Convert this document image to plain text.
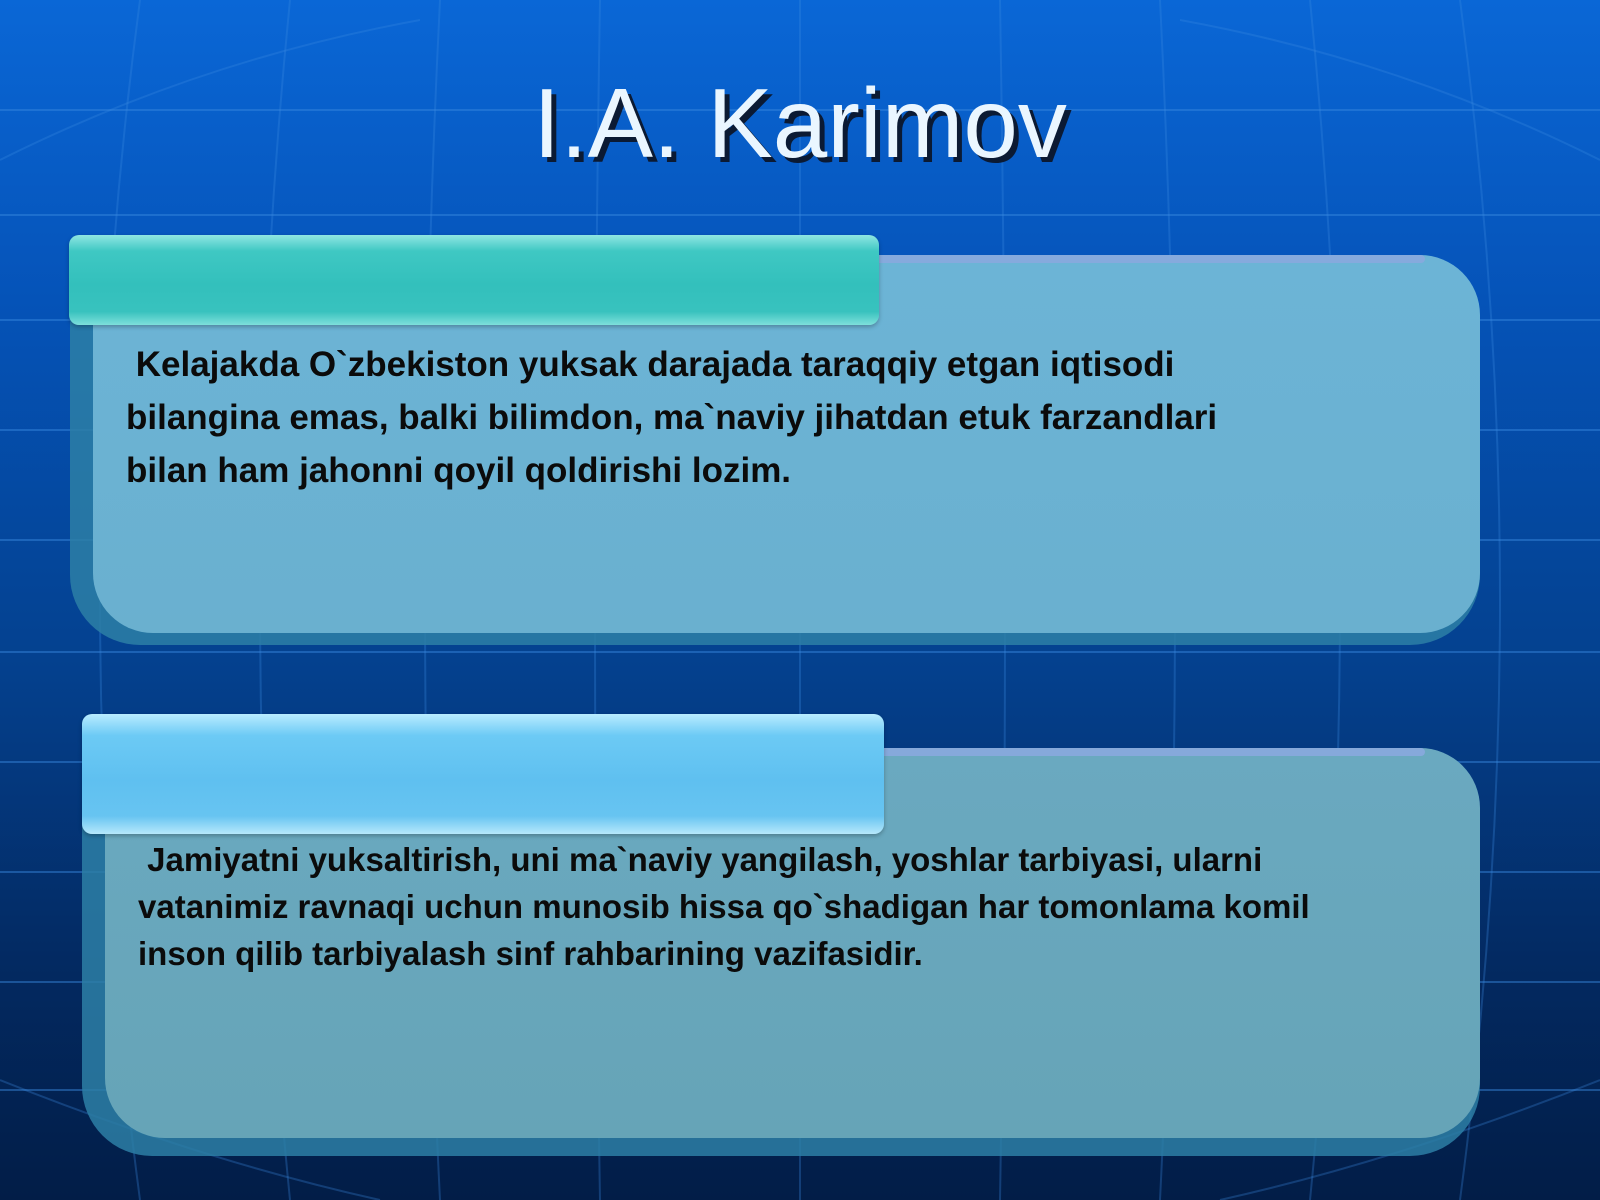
I.A. Karimov
Kelajakda O`zbekiston yuksak darajada taraqqiy etgan iqtisodi
bilangina emas, balki bilimdon, ma`naviy jihatdan etuk farzandlari
bilan ham jahonni qoyil qoldirishi lozim.
Jamiyatni yuksaltirish, uni ma`naviy yangilash, yoshlar tarbiyasi, ularni
vatanimiz ravnaqi uchun munosib hissa qo`shadigan har tomonlama komil
inson qilib tarbiyalash sinf rahbarining vazifasidir.
